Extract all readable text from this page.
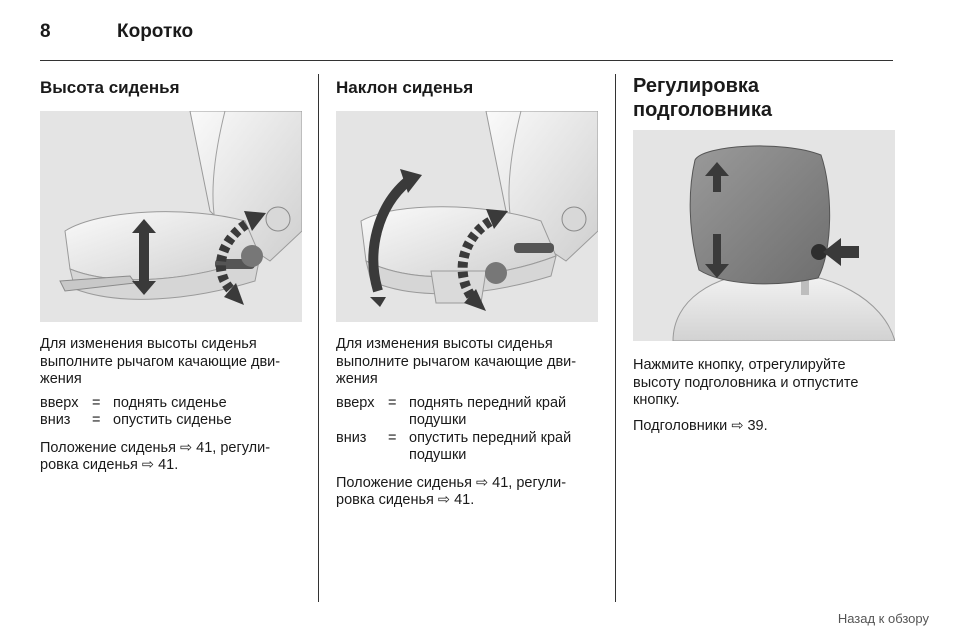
8	Коротко
Высота сиденья

Для изменения высоты сиденья выполните рычагом качающие движения

вверх = поднять сиденье
вниз	= опустить сиденье

Положение сиденья ⇨ 41, регулировка сиденья ⇨ 41.

Наклон сиденья

Для изменения высоты сиденья выполните рычагом качающие движения

вверх = поднять передний край подушки
вниз	= опустить передний край подушки

Положение сиденья ⇨ 41, регулировка сиденья ⇨ 41.

Регулировка
подголовника

Нажмите кнопку, отрегулируйте высоту подголовника и отпустите кнопку.

Подголовники ⇨ 39.

Назад к обзору
